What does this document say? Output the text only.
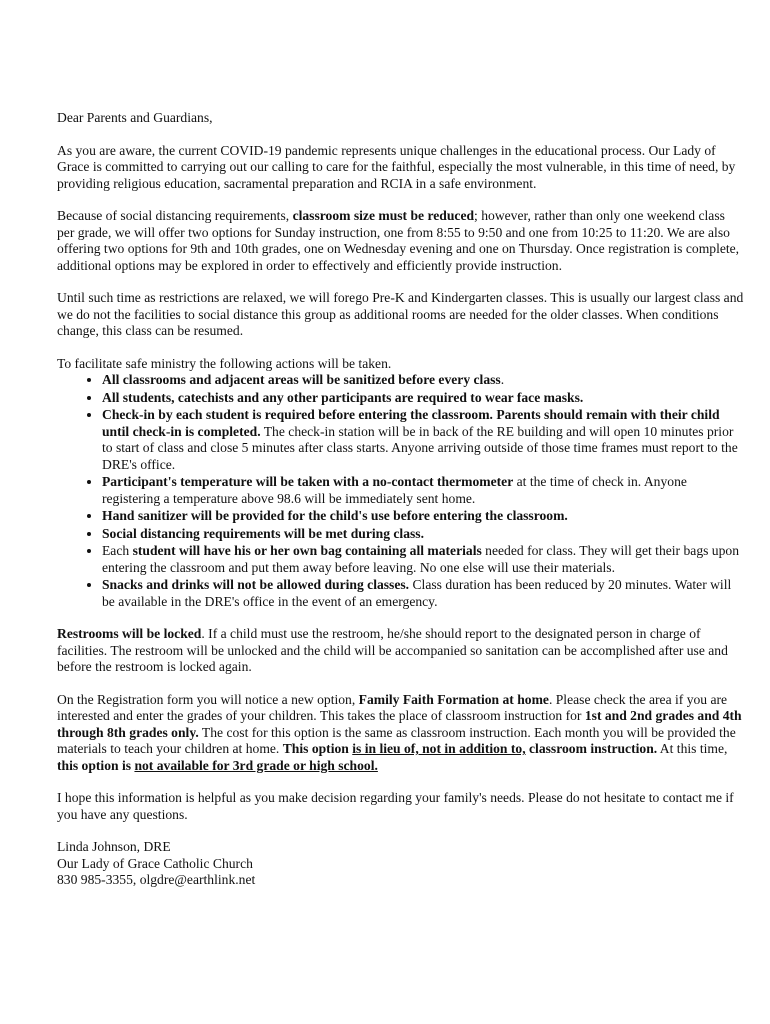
Dear Parents and Guardians,

As you are aware, the current COVID-19 pandemic represents unique challenges in the educational process. Our Lady of Grace is committed to carrying out our calling to care for the faithful, especially the most vulnerable, in this time of need, by providing religious education, sacramental preparation and RCIA in a safe environment.

Because of social distancing requirements, classroom size must be reduced; however, rather than only one weekend class per grade, we will offer two options for Sunday instruction, one from 8:55 to 9:50 and one from 10:25 to 11:20. We are also offering two options for 9th and 10th grades, one on Wednesday evening and one on Thursday. Once registration is complete, additional options may be explored in order to effectively and efficiently provide instruction.

Until such time as restrictions are relaxed, we will forego Pre-K and Kindergarten classes. This is usually our largest class and we do not the facilities to social distance this group as additional rooms are needed for the older classes. When conditions change, this class can be resumed.

To facilitate safe ministry the following actions will be taken.
• All classrooms and adjacent areas will be sanitized before every class.
• All students, catechists and any other participants are required to wear face masks.
• Check-in by each student is required before entering the classroom. Parents should remain with their child until check-in is completed. The check-in station will be in back of the RE building and will open 10 minutes prior to start of class and close 5 minutes after class starts. Anyone arriving outside of those time frames must report to the DRE's office.
• Participant's temperature will be taken with a no-contact thermometer at the time of check in. Anyone registering a temperature above 98.6 will be immediately sent home.
• Hand sanitizer will be provided for the child's use before entering the classroom.
• Social distancing requirements will be met during class.
• Each student will have his or her own bag containing all materials needed for class. They will get their bags upon entering the classroom and put them away before leaving. No one else will use their materials.
• Snacks and drinks will not be allowed during classes. Class duration has been reduced by 20 minutes. Water will be available in the DRE's office in the event of an emergency.

Restrooms will be locked. If a child must use the restroom, he/she should report to the designated person in charge of facilities. The restroom will be unlocked and the child will be accompanied so sanitation can be accomplished after use and before the restroom is locked again.

On the Registration form you will notice a new option, Family Faith Formation at home. Please check the area if you are interested and enter the grades of your children. This takes the place of classroom instruction for 1st and 2nd grades and 4th through 8th grades only. The cost for this option is the same as classroom instruction. Each month you will be provided the materials to teach your children at home. This option is in lieu of, not in addition to, classroom instruction. At this time, this option is not available for 3rd grade or high school.

I hope this information is helpful as you make decision regarding your family's needs. Please do not hesitate to contact me if you have any questions.

Linda Johnson, DRE

Our Lady of Grace Catholic Church

830 985-3355, olgdre@earthlink.net
